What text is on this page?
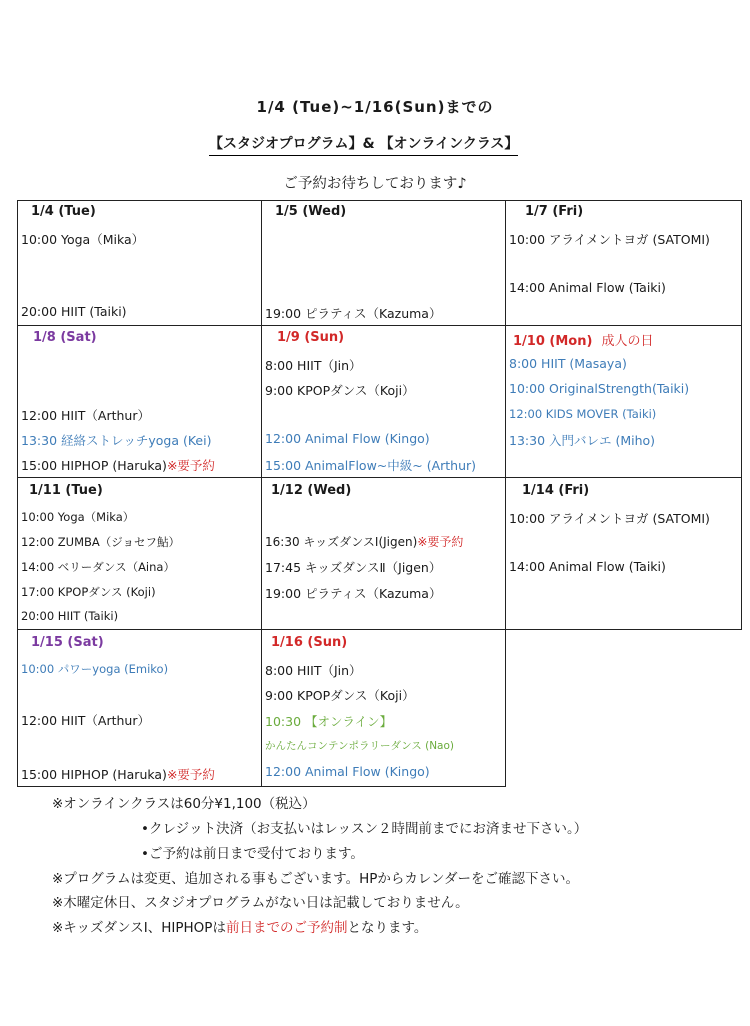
1/4 (Tue)~1/16(Sun)までの
【スタジオプログラム】& 【オンラインクラス】
ご予約お待ちしております♪
1/4 (Tue)
10:00 Yoga（Mika）
20:00 HIIT (Taiki)
1/5 (Wed)
19:00 ピラティス（Kazuma）
1/7 (Fri)
10:00 アライメントヨガ (SATOMI)
14:00 Animal Flow (Taiki)
1/8 (Sat)
12:00 HIIT（Arthur）
13:30 経絡ストレッチyoga (Kei)
15:00 HIPHOP (Haruka)※要予約
1/9 (Sun)
8:00 HIIT（Jin）
9:00 KPOPダンス（Koji）
12:00 Animal Flow (Kingo)
15:00 AnimalFlow~中級~ (Arthur)
1/10 (Mon) 成人の日
8:00 HIIT (Masaya)
10:00 OriginalStrength(Taiki)
12:00 KIDS MOVER (Taiki)
13:30 入門バレエ (Miho)
1/11 (Tue)
10:00 Yoga（Mika）
12:00 ZUMBA（ジョセフ鮎）
14:00 ベリーダンス（Aina）
17:00 KPOPダンス (Koji)
20:00 HIIT (Taiki)
1/12 (Wed)
16:30 キッズダンスⅠ(Jigen)※要予約
17:45 キッズダンスⅡ（Jigen）
19:00 ピラティス（Kazuma）
1/14 (Fri)
10:00 アライメントヨガ (SATOMI)
14:00 Animal Flow (Taiki)
1/15 (Sat)
10:00 パワーyoga (Emiko)
12:00 HIIT（Arthur）
15:00 HIPHOP (Haruka)※要予約
1/16 (Sun)
8:00 HIIT（Jin）
9:00 KPOPダンス（Koji）
10:30 【オンライン】
かんたんコンテンポラリーダンス (Nao)
12:00 Animal Flow (Kingo)
※オンラインクラスは60分¥1,100（税込）
•クレジット決済（お支払いはレッスン２時間前までにお済ませ下さい。）
•ご予約は前日まで受付ております。
※プログラムは変更、追加される事もございます。HPからカレンダーをご確認下さい。
※木曜定休日、スタジオプログラムがない日は記載しておりません。
※キッズダンスⅠ、HIPHOPは前日までのご予約制となります。
